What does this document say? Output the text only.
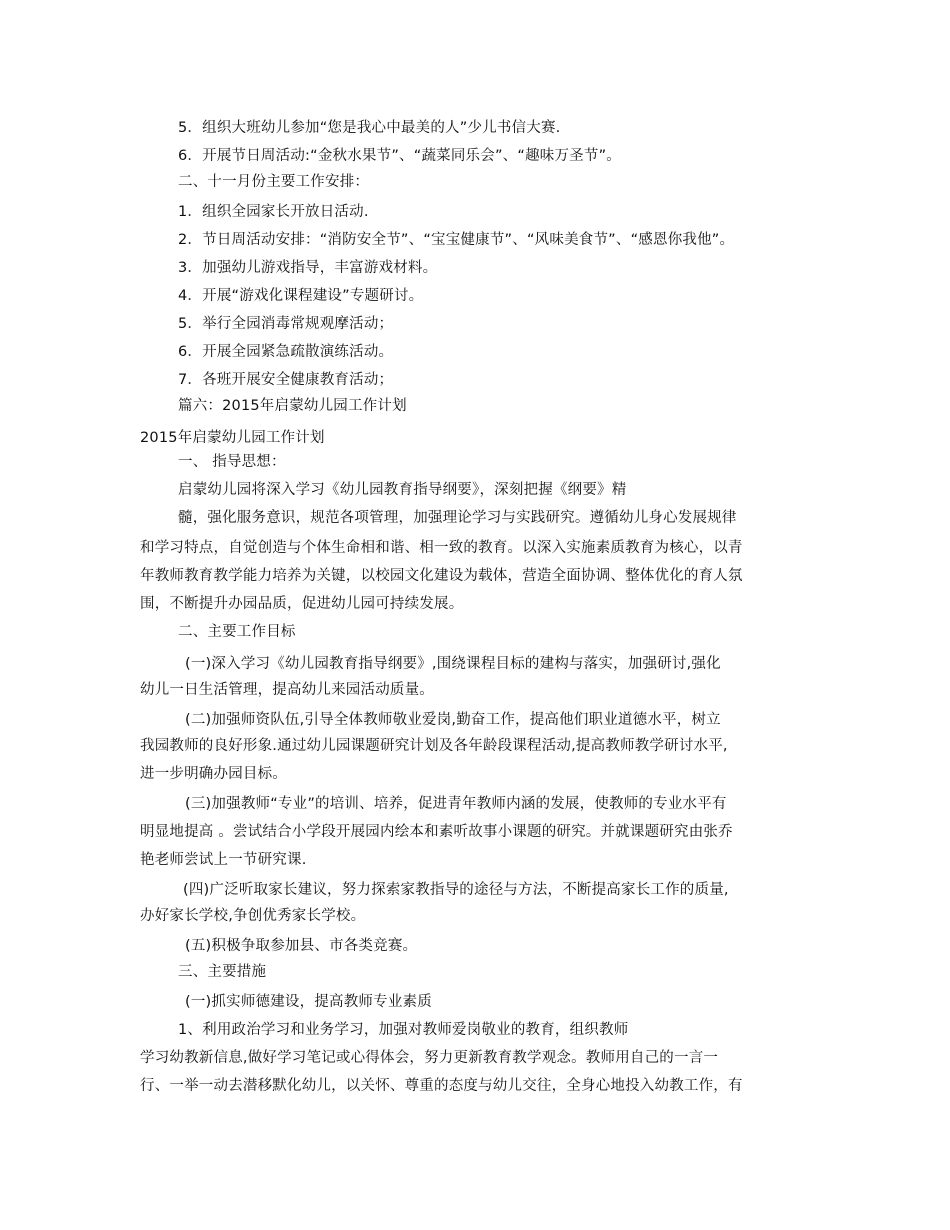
5．组织大班幼儿参加“您是我心中最美的人”少儿书信大赛.
6．开展节日周活动:“金秋水果节”、“蔬菜同乐会”、“趣味万圣节”。
二、十一月份主要工作安排：
1．组织全园家长开放日活动.
2．节日周活动安排：“消防安全节”、“宝宝健康节”、“风味美食节”、“感恩你我他”。
3．加强幼儿游戏指导，丰富游戏材料。
4．开展“游戏化课程建设”专题研讨。
5．举行全园消毒常规观摩活动；
6．开展全园紧急疏散演练活动。
7．各班开展安全健康教育活动；
篇六：2015年启蒙幼儿园工作计划
2015年启蒙幼儿园工作计划
一、 指导思想：
启蒙幼儿园将深入学习《幼儿园教育指导纲要》，深刻把握《纲要》精
髓，强化服务意识，规范各项管理，加强理论学习与实践研究。遵循幼儿身心发展规律
和学习特点，自觉创造与个体生命相和谐、相一致的教育。以深入实施素质教育为核心，以青
年教师教育教学能力培养为关键，以校园文化建设为载体，营造全面协调、整体优化的育人氛
围，不断提升办园品质，促进幼儿园可持续发展。
二、主要工作目标
(一)深入学习《幼儿园教育指导纲要》,围绕课程目标的建构与落实，加强研讨,强化
幼儿一日生活管理，提高幼儿来园活动质量。
(二)加强师资队伍,引导全体教师敬业爱岗,勤奋工作，提高他们职业道德水平，树立
我园教师的良好形象.通过幼儿园课题研究计划及各年龄段课程活动,提高教师教学研讨水平,
进一步明确办园目标。
(三)加强教师“专业”的培训、培养，促进青年教师内涵的发展，使教师的专业水平有
明显地提高 。尝试结合小学段开展园内绘本和素听故事小课题的研究。并就课题研究由张乔
艳老师尝试上一节研究课.
(四)广泛听取家长建议，努力探索家教指导的途径与方法，不断提高家长工作的质量,
办好家长学校,争创优秀家长学校。
(五)积极争取参加县、市各类竞赛。
三、主要措施
(一)抓实师德建设，提高教师专业素质
1、利用政治学习和业务学习，加强对教师爱岗敬业的教育，组织教师
学习幼教新信息,做好学习笔记或心得体会，努力更新教育教学观念。教师用自己的一言一
行、一举一动去潜移默化幼儿，以关怀、尊重的态度与幼儿交往，全身心地投入幼教工作，有
